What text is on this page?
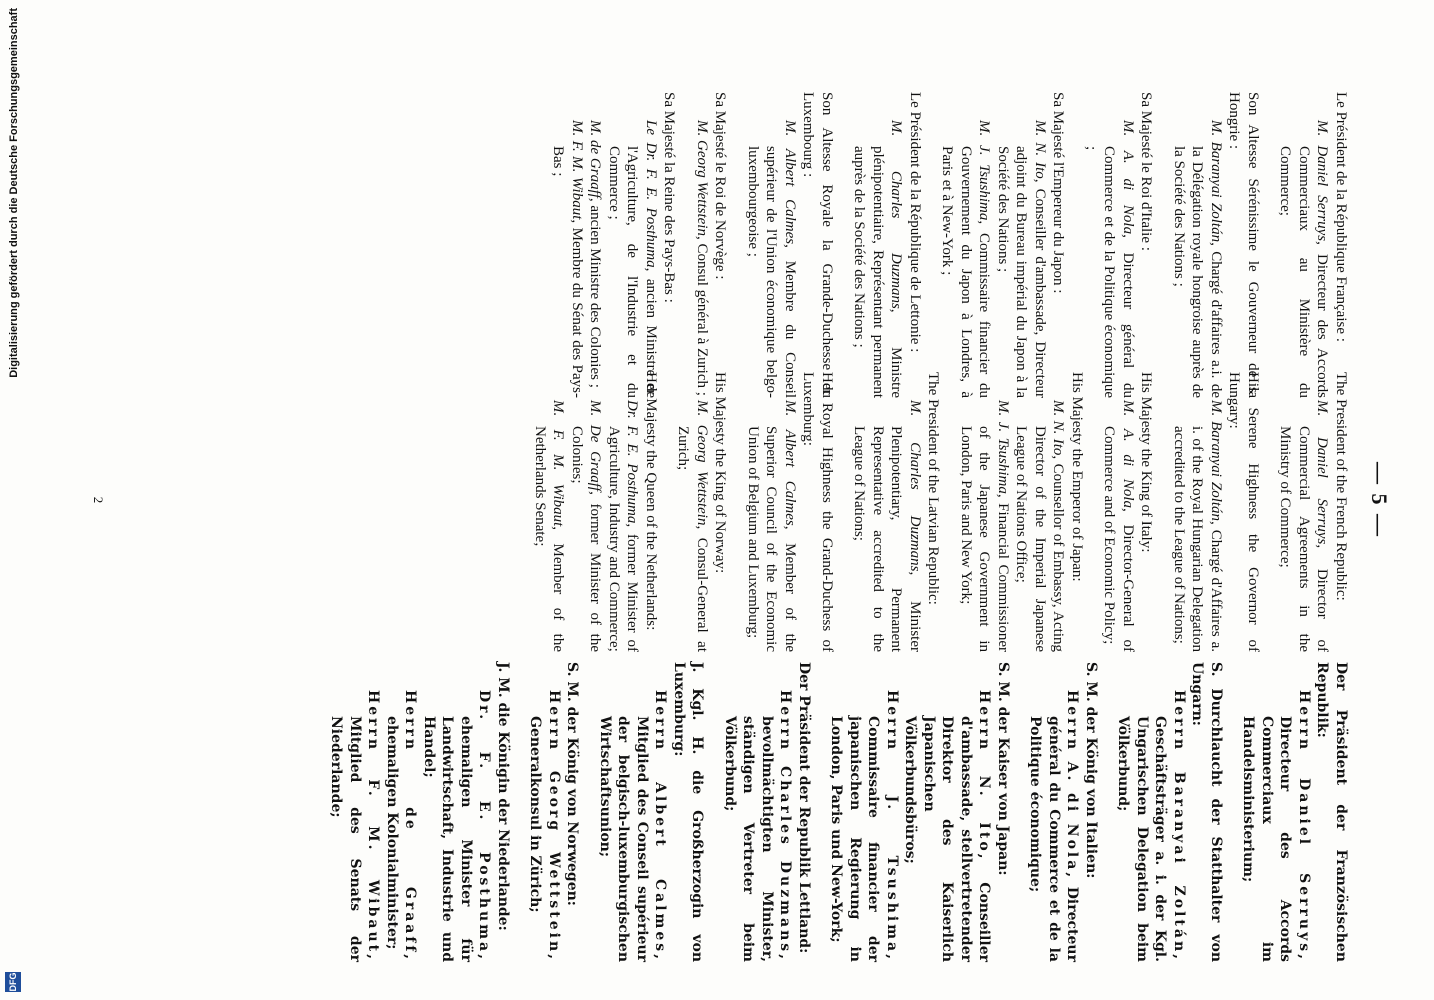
— 5 —

Le Président de la République Française :

M. Daniel Serruys, Directeur des Accords Commerciaux au Ministère du Commerce;

Son Altesse Sérénissime le Gouverneur de la Hongrie :

M. Baranyai Zoltán, Chargé d'affaires a.i. de la Délégation royale hongroise auprès de la Société des Nations ;

Sa Majesté le Roi d'Italie :

M. A. di Nola, Directeur général du Commerce et de la Politique économique ;

Sa Majesté l'Empereur du Japon :

M. N. Ito, Conseiller d'ambassade, Directeur adjoint du Bureau impérial du Japon à la Société des Nations ;

M. J. Tsushima, Commissaire financier du Gouvernement du Japon à Londres, à Paris et à New-York ;

Le Président de la République de Lettonie :

M. Charles Duzmans, Ministre plénipotentiaire, Représentant permanent auprès de la Société des Nations ;

Son Altesse Royale la Grande-Duchesse du Luxembourg :

M. Albert Calmes, Membre du Conseil supérieur de l'Union économique belgo-luxembourgeoise ;

Sa Majesté le Roi de Norvège :

M. Georg Wettstein, Consul général à Zurich ;

Sa Majesté la Reine des Pays-Bas :

Le Dr. F. E. Posthuma, ancien Ministre de l'Agriculture, de l'Industrie et du Commerce ;

M. de Graaff, ancien Ministre des Colonies ;

M. F. M. Wibaut, Membre du Sénat des Pays-Bas ;

The President of the French Republic:

M. Daniel Serruys, Director of Commercial Agreements in the Ministry of Commerce;

His Serene Highness the Governor of Hungary:

M. Baranyai Zoltán, Chargé d'Affaires a. i. of the Royal Hungarian Delegation accredited to the League of Nations;

His Majesty the King of Italy:

M. A. di Nola, Director-General of Commerce and of Economic Policy;

His Majesty the Emperor of Japan:

M. N. Ito, Counsellor of Embassy, Acting Director of the Imperial Japanese League of Nations Office;

M. J. Tsushima, Financial Commissioner of the Japanese Government in London, Paris and New York;

The President of the Latvian Republic:

M. Charles Duzmans, Minister Plenipotentiary, Permanent Representative accredited to the League of Nations;

Her Royal Highness the Grand-Duchess of Luxemburg:

M. Albert Calmes, Member of the Superior Council of the Economic Union of Belgium and Luxemburg;

His Majesty the King of Norway:

M. Georg Wettstein, Consul-General at Zurich;

Her Majesty the Queen of the Netherlands:

Dr. F. E. Posthuma, former Minister of Agriculture, Industry and Commerce;

M. De Graaff, former Minister of the Colonies;

M. F. M. Wibaut, Member of the Netherlands Senate;

Der Präsident der Französischen Republik:

Herrn Daniel Serruys, Directeur des Accords Commerciaux im Handelsministerium;

S. Durchlaucht der Statthalter von Ungarn:

Herrn Baranyai Zoltán, Geschäftsträger a. i. der Kgl. Ungarischen Delegation beim Völkerbund;

S. M. der König von Italien:

Herrn A. di Nola, Directeur général du Commerce et de la Politique économique;

S. M. der Kaiser von Japan:

Herrn N. Ito, Conseiller d'ambassade, stellvertretender Direktor des Kaiserlich Japanischen Völkerbundsbüros;

Herrn J. Tsushima, Commissaire financier der japanischen Regierung in London, Paris und New-York;

Der Präsident der Republik Lettland:

Herrn Charles Duzmans, bevollmächtigten Minister, ständigen Vertreter beim Völkerbund;

J. Kgl. H. die Großherzogin von Luxemburg:

Herrn Albert Calmes, Mitglied des Conseil supérieur der belgisch-luxemburgischen Wirtschaftsunion;

S. M. der König von Norwegen:

Herrn Georg Wettstein, Generalkonsul in Zürich;

J. M. die Königin der Niederlande:

Dr. F. E. Posthuma, ehemaligen Minister für Landwirtschaft, Industrie und Handel;

Herrn de Graaff, ehemaligen Kolonialminister;

Herrn F. M. Wibaut, Mitglied des Senats der Niederlande;

2
DFG
Digitalisierung gefördert durch die Deutsche Forschungsgemeinschaft
